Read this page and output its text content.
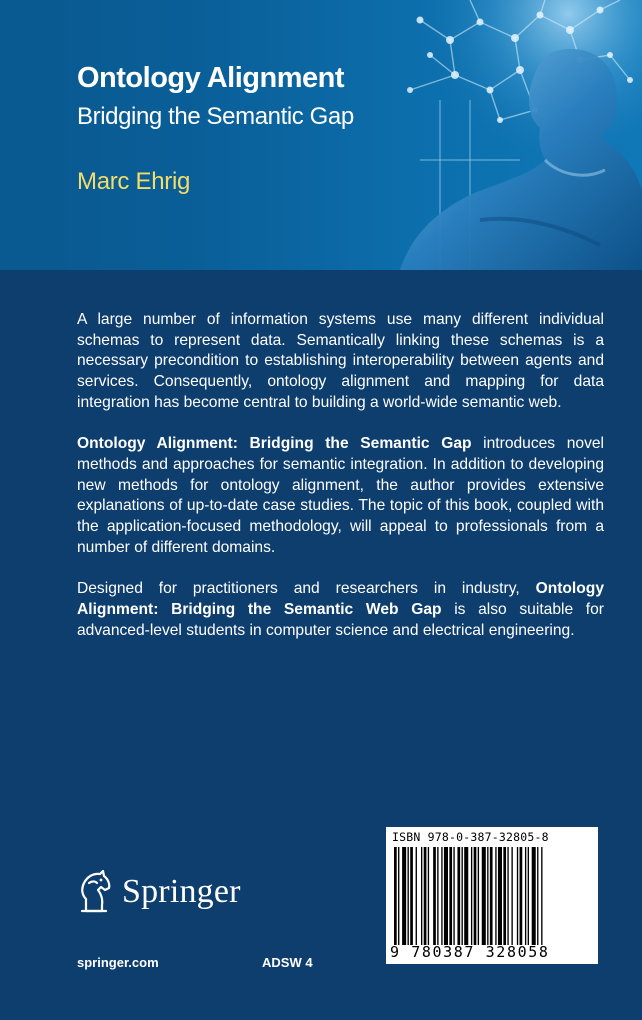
Ontology Alignment
Bridging the Semantic Gap
Marc Ehrig

A large number of information systems use many different individual schemas to represent data. Semantically linking these schemas is a necessary precondition to establishing interoperability between agents and services. Consequently, ontology alignment and mapping for data integration has become central to building a world-wide semantic web.

Ontology Alignment: Bridging the Semantic Gap introduces novel methods and approaches for semantic integration. In addition to developing new methods for ontology alignment, the author provides extensive explanations of up-to-date case studies. The topic of this book, coupled with the application-focused methodology, will appeal to professionals from a number of different domains.

Designed for practitioners and researchers in industry, Ontology Alignment: Bridging the Semantic Web Gap is also suitable for advanced-level students in computer science and electrical engineering.

Springer
springer.com	ADSW 4
ISBN 978-0-387-32805-8
9 780387 328058
